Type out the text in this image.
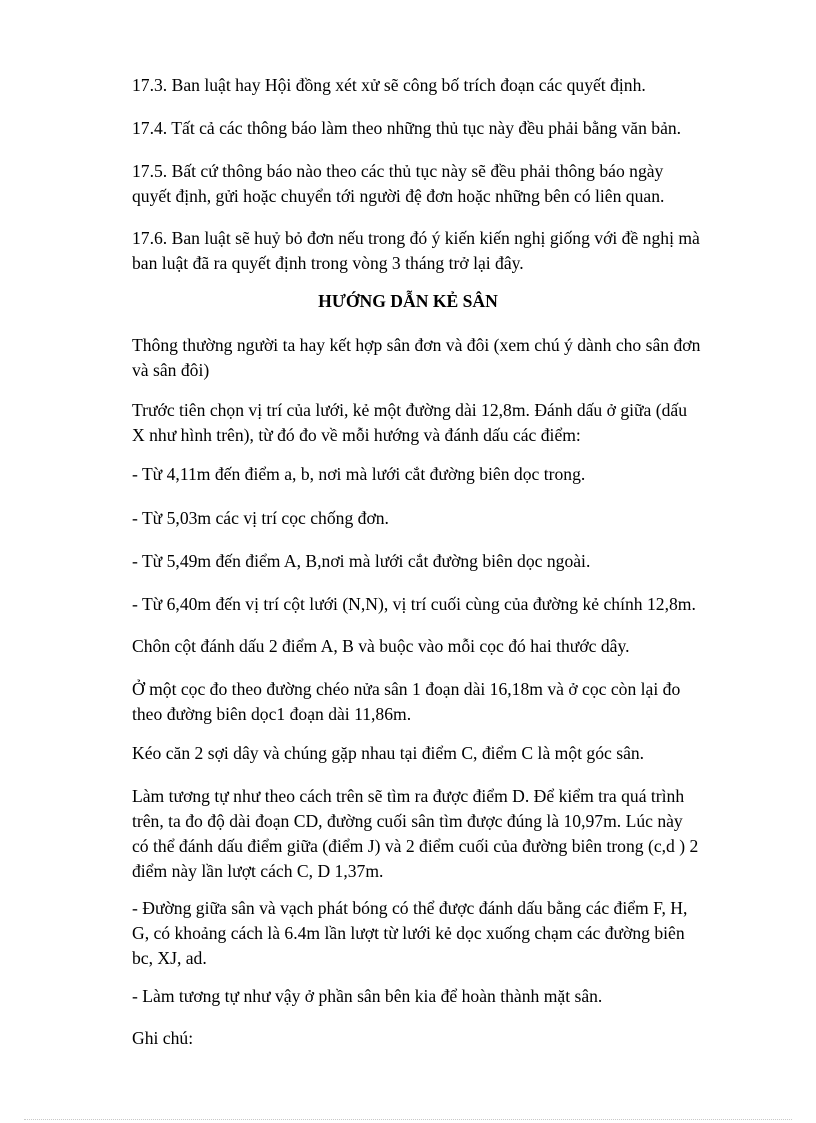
17.3. Ban luật hay Hội đồng xét xử sẽ công bố trích đoạn các quyết định.
17.4. Tất cả các thông báo làm theo những thủ tục này đều phải bằng văn bản.
17.5. Bất cứ thông báo nào theo các thủ tục này sẽ đều phải thông báo ngày
quyết định, gửi hoặc chuyển tới người đệ đơn hoặc những bên có liên quan.
17.6. Ban luật sẽ huỷ bỏ đơn nếu trong đó ý kiến kiến nghị giống với đề nghị mà
ban luật đã ra quyết định trong vòng 3 tháng trở lại đây.
HƯỚNG DẪN KẺ SÂN
Thông thường người ta hay kết hợp sân đơn và đôi (xem chú ý dành cho sân đơn
và sân đôi)
Trước tiên chọn vị trí của lưới, kẻ một đường dài 12,8m. Đánh dấu ở giữa (dấu
X như hình trên), từ đó đo về mỗi hướng và đánh dấu các điểm:
- Từ 4,11m đến điểm a, b, nơi mà lưới cắt đường biên dọc trong.
- Từ 5,03m các vị trí cọc chống đơn.
- Từ 5,49m đến điểm A, B,nơi mà lưới cắt đường biên dọc ngoài.
- Từ 6,40m đến vị trí cột lưới (N,N), vị trí cuối cùng của đường kẻ chính 12,8m.
Chôn cột đánh dấu 2 điểm A, B và buộc vào mỗi cọc đó hai thước dây.
Ở một cọc đo theo đường chéo nửa sân 1 đoạn dài 16,18m và ở cọc còn lại đo
theo đường biên dọc1 đoạn dài 11,86m.
Kéo căn 2 sợi dây và chúng gặp nhau tại điểm C, điểm C là một góc sân.
Làm tương tự như theo cách trên sẽ tìm ra được điểm D. Để kiểm tra quá trình
trên, ta đo độ dài đoạn CD, đường cuối sân tìm được đúng là 10,97m. Lúc này
có thể đánh dấu điểm giữa (điểm J) và 2 điểm cuối của đường biên trong (c,d ) 2
điểm này lần lượt cách C, D 1,37m.
- Đường giữa sân và vạch phát bóng có thể được đánh dấu bằng các điểm F, H,
G, có khoảng cách là 6.4m lần lượt từ lưới kẻ dọc xuống chạm các đường biên
bc, XJ, ad.
- Làm tương tự như vậy ở phần sân bên kia để hoàn thành mặt sân.
Ghi chú:
